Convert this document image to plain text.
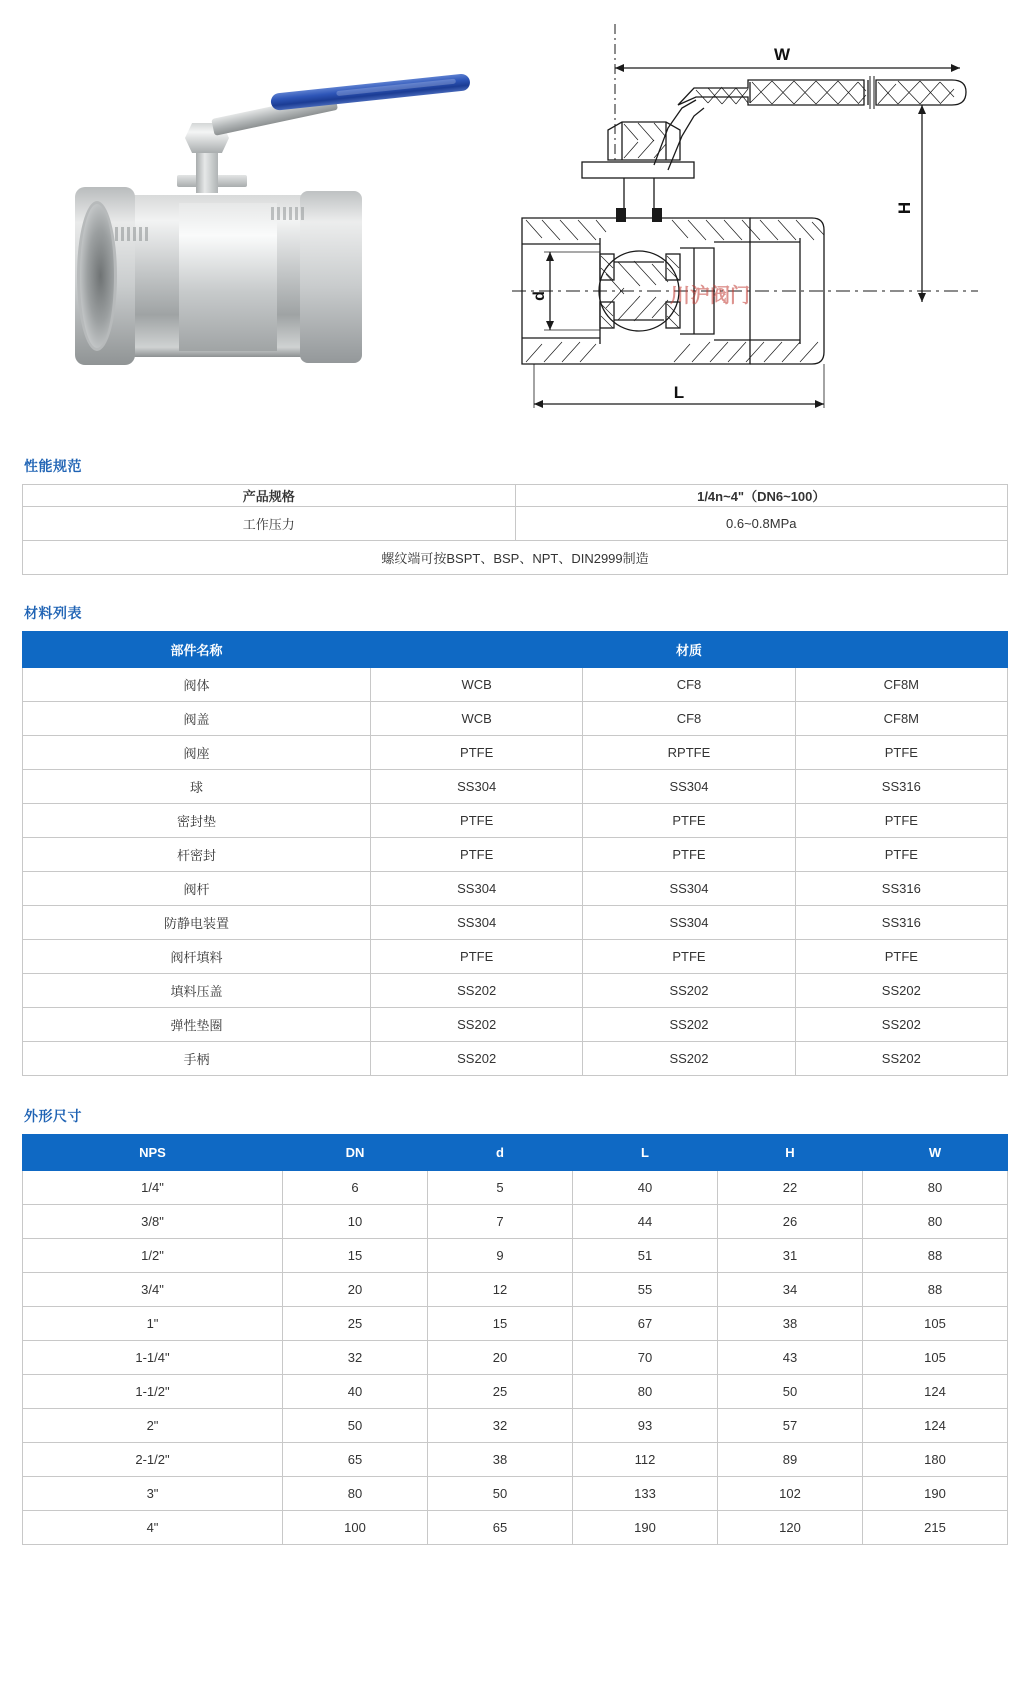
W
H
L
d	川沪阀门
性能规范
产品规格	1/4n~4"（DN6~100）
工作压力	0.6~0.8MPa
螺纹端可按BSPT、BSP、NPT、DIN2999制造	
材料列表
部件名称	材质		
阀体	WCB	CF8	CF8M
阀盖	WCB	CF8	CF8M
阀座	PTFE	RPTFE	PTFE
球	SS304	SS304	SS316
密封垫	PTFE	PTFE	PTFE
杆密封	PTFE	PTFE	PTFE
阀杆	SS304	SS304	SS316
防静电装置	SS304	SS304	SS316
阀杆填料	PTFE	PTFE	PTFE
填料压盖	SS202	SS202	SS202
弹性垫圈	SS202	SS202	SS202
手柄	SS202	SS202	SS202
外形尺寸
NPS	DN	d	L	H	W
1/4"	6	5	40	22	80
3/8"	10	7	44	26	80
1/2"	15	9	51	31	88
3/4"	20	12	55	34	88
1"	25	15	67	38	105
1-1/4"	32	20	70	43	105
1-1/2"	40	25	80	50	124
2"	50	32	93	57	124
2-1/2"	65	38	112	89	180
3"	80	50	133	102	190
4"	100	65	190	120	215
